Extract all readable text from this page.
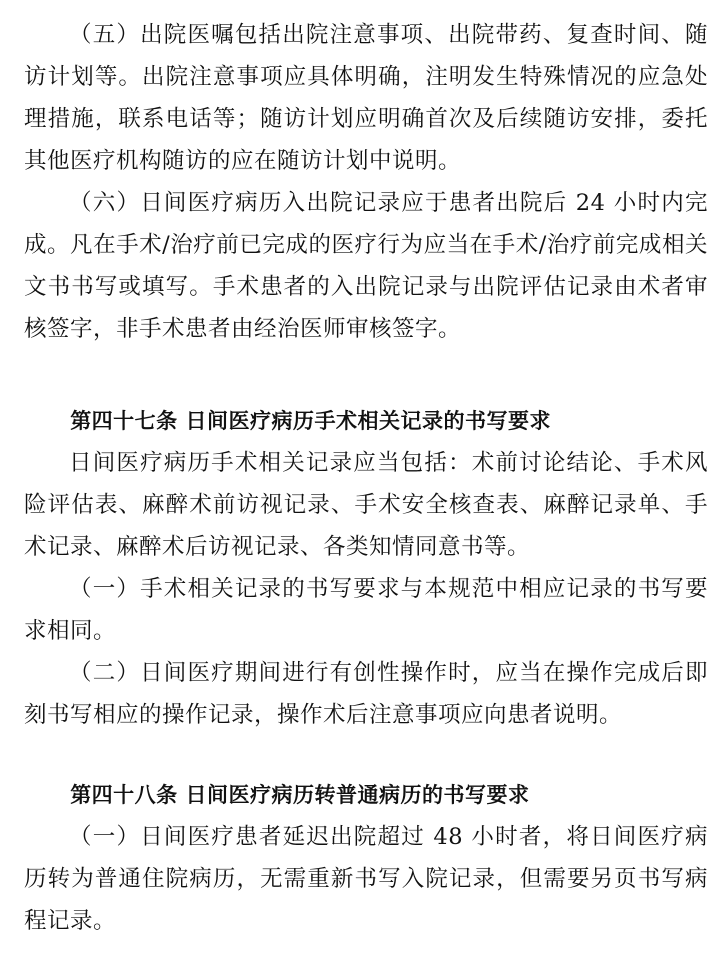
（五）出院医嘱包括出院注意事项、出院带药、复查时间、随访计划等。出院注意事项应具体明确，注明发生特殊情况的应急处理措施，联系电话等；随访计划应明确首次及后续随访安排，委托其他医疗机构随访的应在随访计划中说明。

（六）日间医疗病历入出院记录应于患者出院后 24 小时内完成。凡在手术/治疗前已完成的医疗行为应当在手术/治疗前完成相关文书书写或填写。手术患者的入出院记录与出院评估记录由术者审核签字，非手术患者由经治医师审核签字。

第四十七条 日间医疗病历手术相关记录的书写要求

日间医疗病历手术相关记录应当包括：术前讨论结论、手术风险评估表、麻醉术前访视记录、手术安全核查表、麻醉记录单、手术记录、麻醉术后访视记录、各类知情同意书等。

（一）手术相关记录的书写要求与本规范中相应记录的书写要求相同。

（二）日间医疗期间进行有创性操作时，应当在操作完成后即刻书写相应的操作记录，操作术后注意事项应向患者说明。

第四十八条 日间医疗病历转普通病历的书写要求

（一）日间医疗患者延迟出院超过 48 小时者，将日间医疗病历转为普通住院病历，无需重新书写入院记录，但需要另页书写病程记录。
